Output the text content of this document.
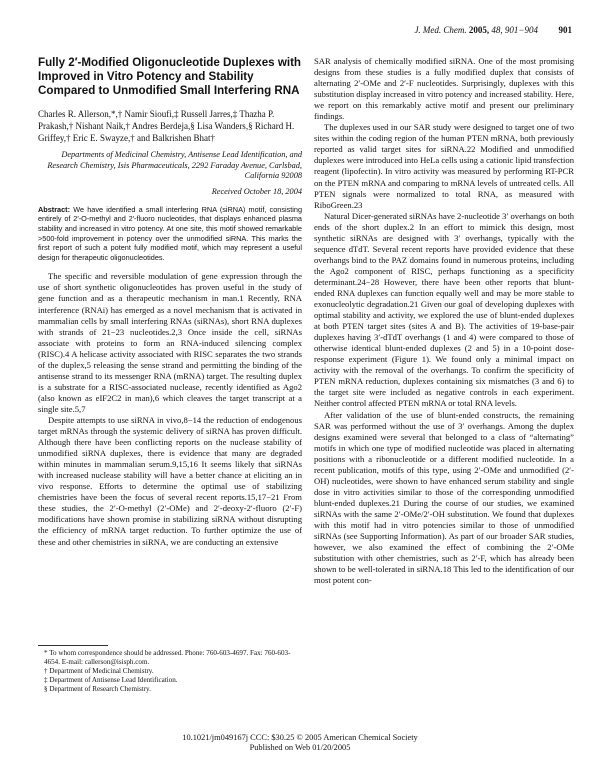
J. Med. Chem. 2005, 48, 901−904 901
Fully 2′-Modified Oligonucleotide Duplexes with Improved in Vitro Potency and Stability Compared to Unmodified Small Interfering RNA

Charles R. Allerson,*,† Namir Sioufi,‡ Russell Jarres,‡ Thazha P. Prakash,† Nishant Naik,† Andres Berdeja,§ Lisa Wanders,§ Richard H. Griffey,† Eric E. Swayze,† and Balkrishen Bhat†

Departments of Medicinal Chemistry, Antisense Lead Identification, and Research Chemistry, Isis Pharmaceuticals, 2292 Faraday Avenue, Carlsbad, California 92008

Received October 18, 2004

Abstract: We have identified a small interfering RNA (siRNA) motif, consisting entirely of 2′-O-methyl and 2′-fluoro nucleotides, that displays enhanced plasma stability and increased in vitro potency. At one site, this motif showed remarkable >500-fold improvement in potency over the unmodified siRNA. This marks the first report of such a potent fully modified motif, which may represent a useful design for therapeutic oligonucleotides.

The specific and reversible modulation of gene expression through the use of short synthetic oligonucleotides has proven useful in the study of gene function and as a therapeutic mechanism in man.1 Recently, RNA interference (RNAi) has emerged as a novel mechanism that is activated in mammalian cells by small interfering RNAs (siRNAs), short RNA duplexes with strands of 21−23 nucleotides.2,3 Once inside the cell, siRNAs associate with proteins to form an RNA-induced silencing complex (RISC).4 A helicase activity associated with RISC separates the two strands of the duplex,5 releasing the sense strand and permitting the binding of the antisense strand to its messenger RNA (mRNA) target. The resulting duplex is a substrate for a RISC-associated nuclease, recently identified as Ago2 (also known as eIF2C2 in man),6 which cleaves the target transcript at a single site.5,7

Despite attempts to use siRNA in vivo,8−14 the reduction of endogenous target mRNAs through the systemic delivery of siRNA has proven difficult. Although there have been conflicting reports on the nuclease stability of unmodified siRNA duplexes, there is evidence that many are degraded within minutes in mammalian serum.9,15,16 It seems likely that siRNAs with increased nuclease stability will have a better chance at eliciting an in vivo response. Efforts to determine the optimal use of stabilizing chemistries have been the focus of several recent reports.15,17−21 From these studies, the 2′-O-methyl (2′-OMe) and 2′-deoxy-2′-fluoro (2′-F) modifications have shown promise in stabilizing siRNA without disrupting the efficiency of mRNA target reduction. To further optimize the use of these and other chemistries in siRNA, we are conducting an extensive

SAR analysis of chemically modified siRNA. One of the most promising designs from these studies is a fully modified duplex that consists of alternating 2′-OMe and 2′-F nucleotides. Surprisingly, duplexes with this substitution display increased in vitro potency and increased stability. Here, we report on this remarkably active motif and present our preliminary findings.

The duplexes used in our SAR study were designed to target one of two sites within the coding region of the human PTEN mRNA, both previously reported as valid target sites for siRNA.22 Modified and unmodified duplexes were introduced into HeLa cells using a cationic lipid transfection reagent (lipofectin). In vitro activity was measured by performing RT-PCR on the PTEN mRNA and comparing to mRNA levels of untreated cells. All PTEN signals were normalized to total RNA, as measured with RiboGreen.23

Natural Dicer-generated siRNAs have 2-nucleotide 3′ overhangs on both ends of the short duplex.2 In an effort to mimick this design, most synthetic siRNAs are designed with 3′ overhangs, typically with the sequence dTdT. Several recent reports have provided evidence that these overhangs bind to the PAZ domains found in numerous proteins, including the Ago2 component of RISC, perhaps functioning as a specificity determinant.24−28 However, there have been other reports that blunt-ended RNA duplexes can function equally well and may be more stable to exonucleolytic degradation.21 Given our goal of developing duplexes with optimal stability and activity, we explored the use of blunt-ended duplexes at both PTEN target sites (sites A and B). The activities of 19-base-pair duplexes having 3′-dTdT overhangs (1 and 4) were compared to those of otherwise identical blunt-ended duplexes (2 and 5) in a 10-point dose-response experiment (Figure 1). We found only a minimal impact on activity with the removal of the overhangs. To confirm the specificity of PTEN mRNA reduction, duplexes containing six mismatches (3 and 6) to the target site were included as negative controls in each experiment. Neither control affected PTEN mRNA or total RNA levels.

After validation of the use of blunt-ended constructs, the remaining SAR was performed without the use of 3′ overhangs. Among the duplex designs examined were several that belonged to a class of “alternating” motifs in which one type of modified nucleotide was placed in alternating positions with a ribonucleotide or a different modified nucleotide. In a recent publication, motifs of this type, using 2′-OMe and unmodified (2′-OH) nucleotides, were shown to have enhanced serum stability and single dose in vitro activities similar to those of the corresponding unmodified blunt-ended duplexes.21 During the course of our studies, we examined siRNAs with the same 2′-OMe/2′-OH substitution. We found that duplexes with this motif had in vitro potencies similar to those of unmodified siRNAs (see Supporting Information). As part of our broader SAR studies, however, we also examined the effect of combining the 2′-OMe substitution with other chemistries, such as 2′-F, which has already been shown to be well-tolerated in siRNA.18 This led to the identification of our most potent con-

* To whom correspondence should be addressed. Phone: 760-603-4697. Fax: 760-603-4654. E-mail: callerson@isisph.com.

† Department of Medicinal Chemistry.

‡ Department of Antisense Lead Identification.

§ Department of Research Chemistry.

10.1021/jm049167j CCC: $30.25 © 2005 American Chemical Society
Published on Web 01/20/2005
